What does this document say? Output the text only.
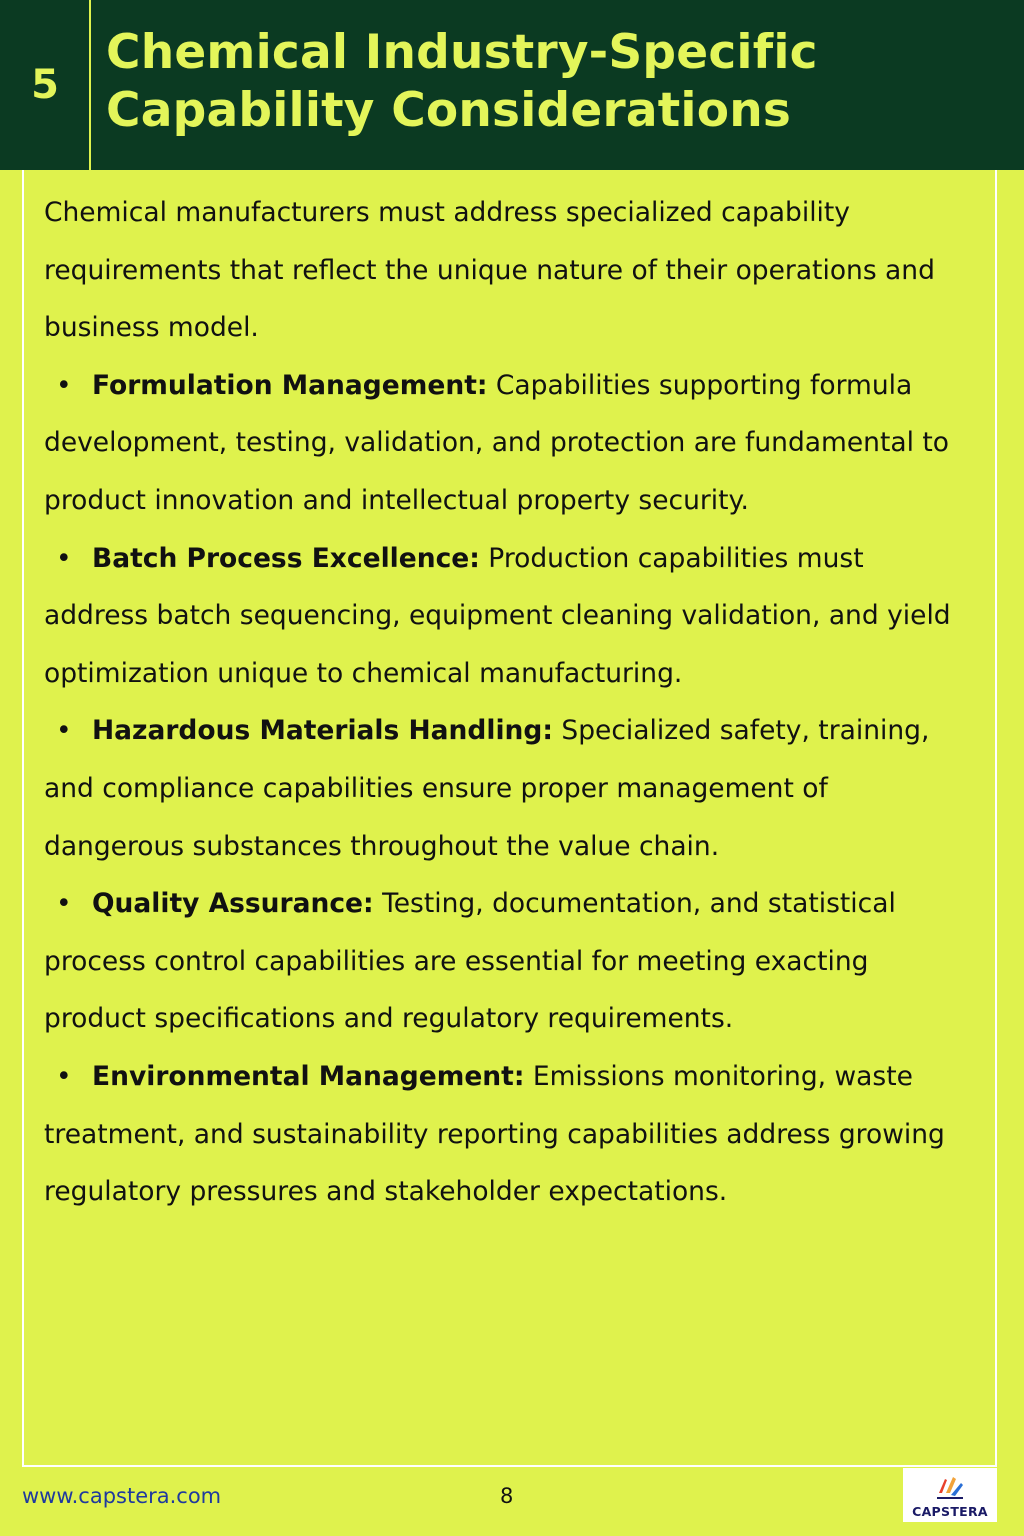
5
Chemical Industry-Specific
Capability Considerations

Chemical manufacturers must address specialized capability requirements that reflect the unique nature of their operations and business model.

• Formulation Management: Capabilities supporting formula development, testing, validation, and protection are fundamental to product innovation and intellectual property security.
• Batch Process Excellence: Production capabilities must address batch sequencing, equipment cleaning validation, and yield optimization unique to chemical manufacturing.
• Hazardous Materials Handling: Specialized safety, training, and compliance capabilities ensure proper management of dangerous substances throughout the value chain.
• Quality Assurance: Testing, documentation, and statistical process control capabilities are essential for meeting exacting product specifications and regulatory requirements.
• Environmental Management: Emissions monitoring, waste treatment, and sustainability reporting capabilities address growing regulatory pressures and stakeholder expectations.
www.capstera.com	8
CAPSTERA
